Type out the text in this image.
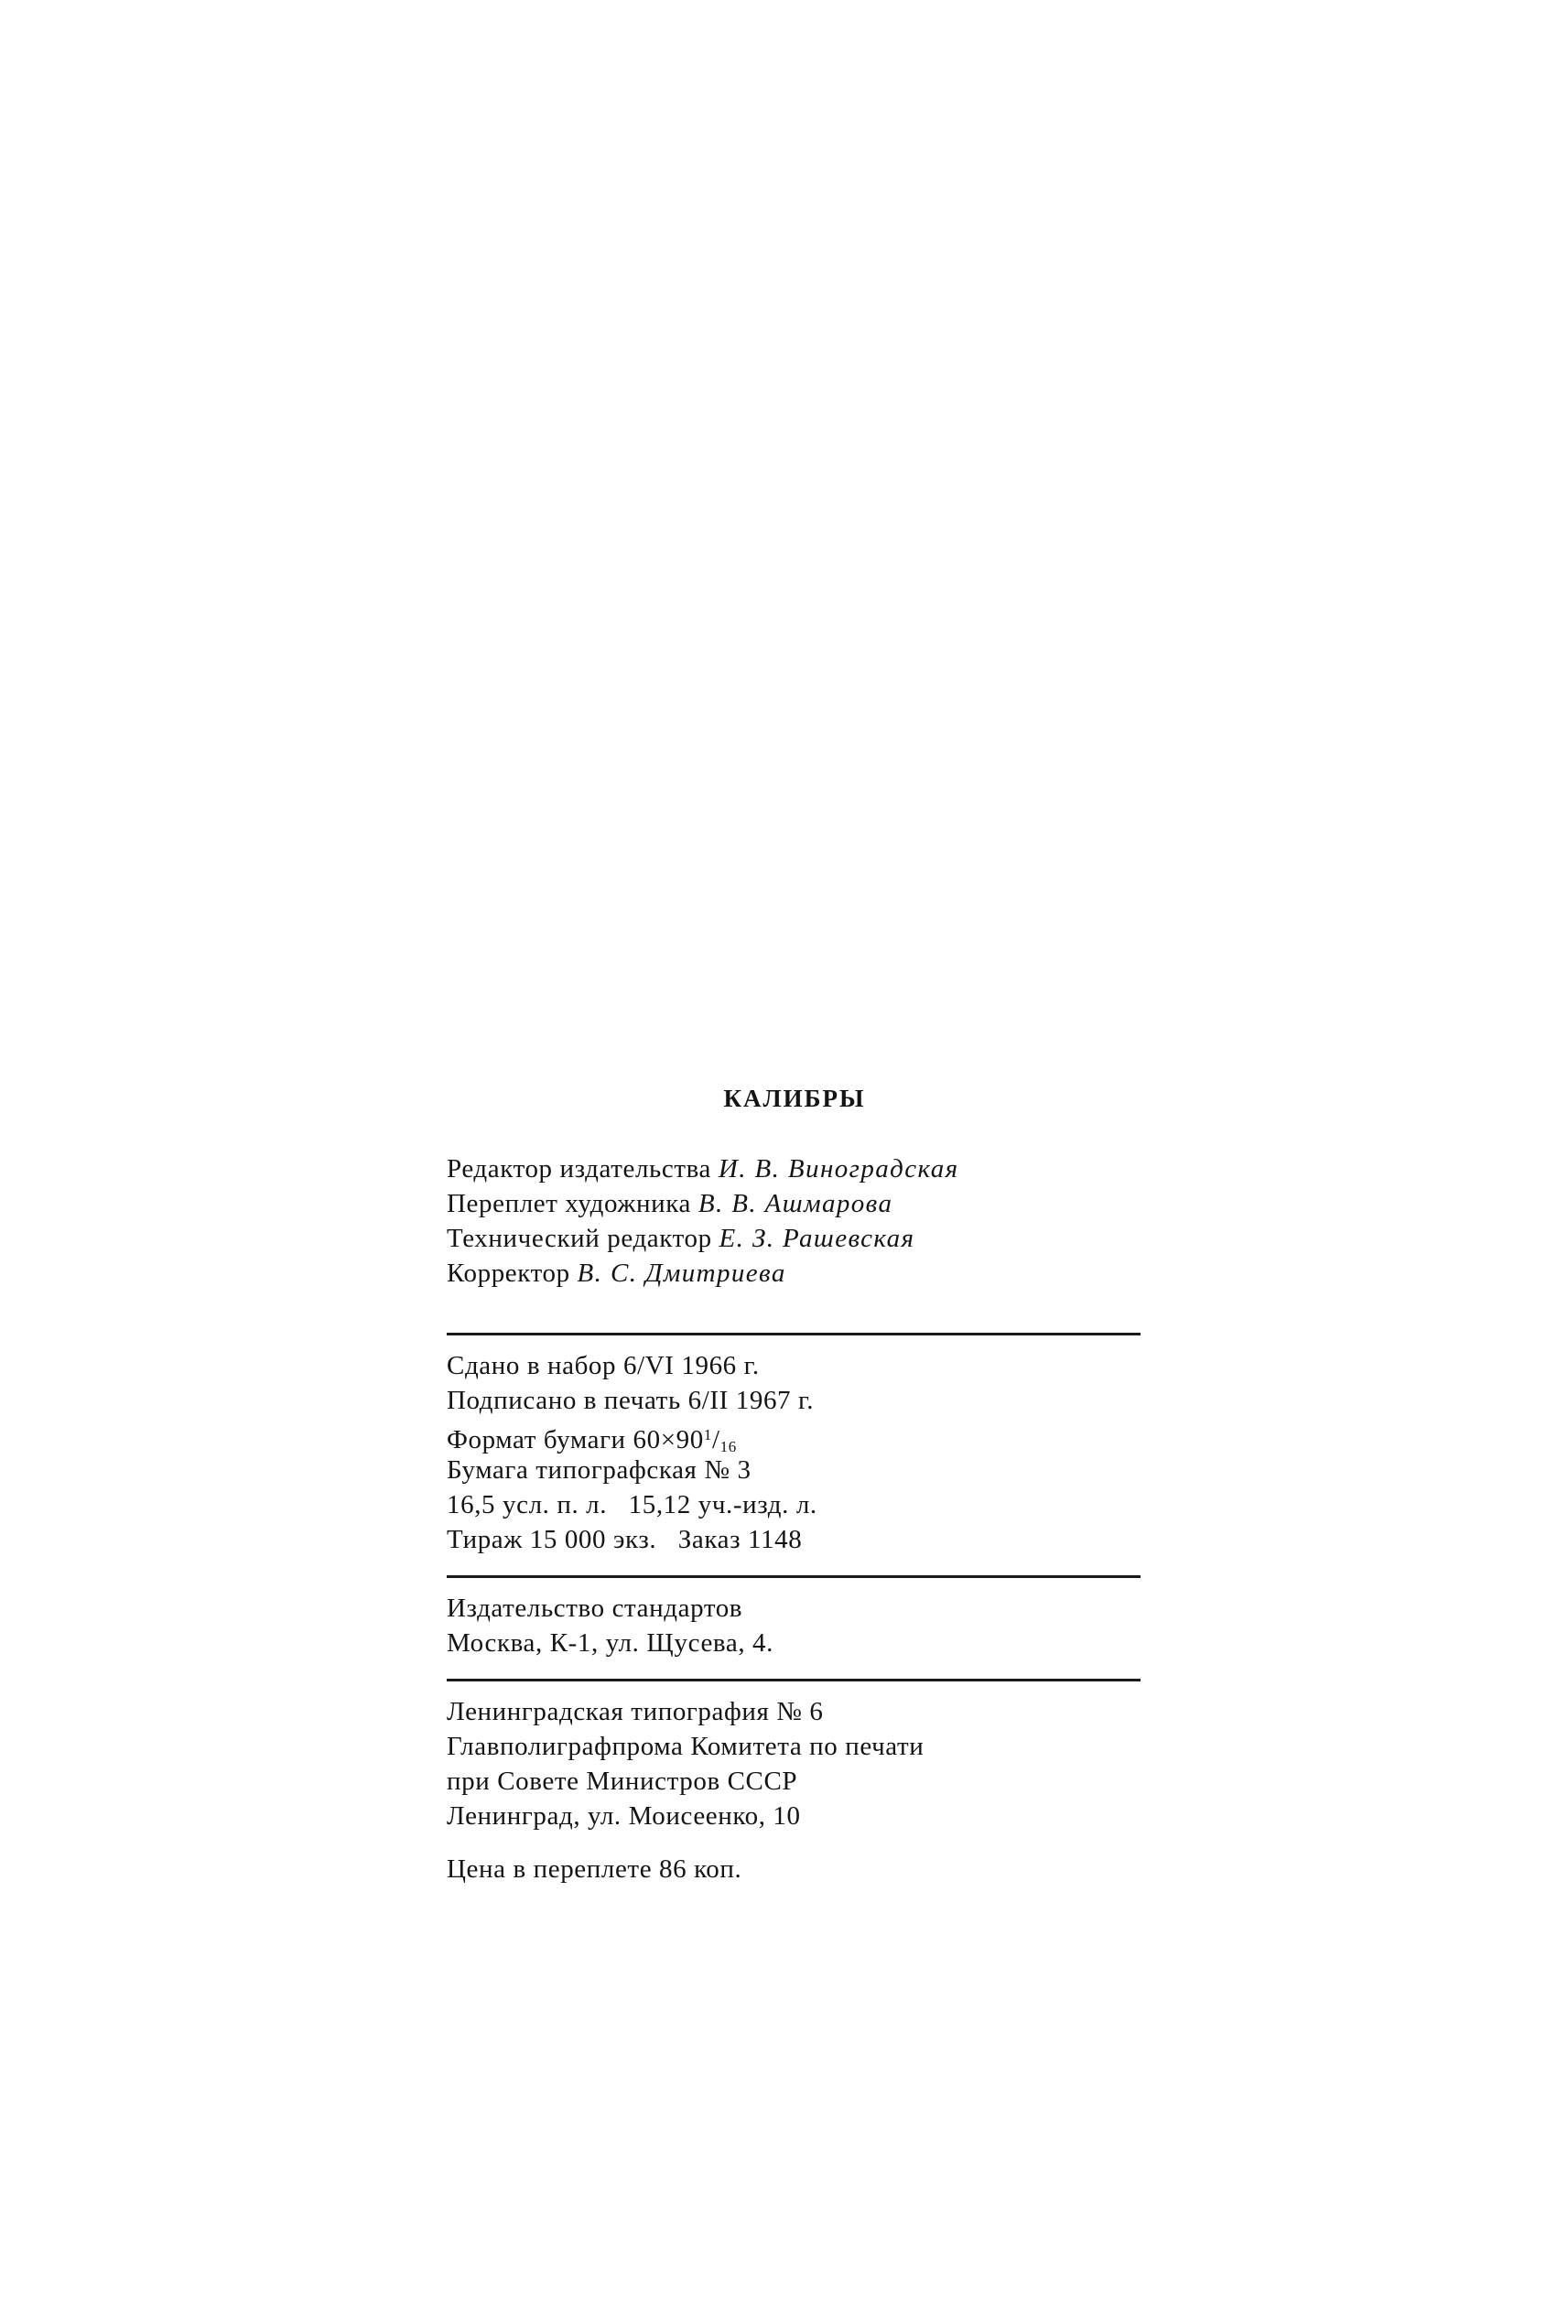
КАЛИБРЫ
Редактор издательства И. В. Виноградская
Переплет художника В. В. Ашмарова
Технический редактор Е. З. Рашевская
Корректор В. С. Дмитриева
Сдано в набор 6/VI 1966 г.
Подписано в печать 6/II 1967 г.
Формат бумаги $60\times 90^1/16$
Бумага типографская № 3
16,5 усл. п. л.   15,12 уч.-изд. л.
Тираж 15 000 экз.   Заказ 1148
Издательство стандартов
Москва, К-1, ул. Щусева, 4.
Ленинградская типография № 6
Главполиграфпрома Комитета по печати
при Совете Министров СССР
Ленинград, ул. Моисеенко, 10
Цена в переплете 86 коп.
